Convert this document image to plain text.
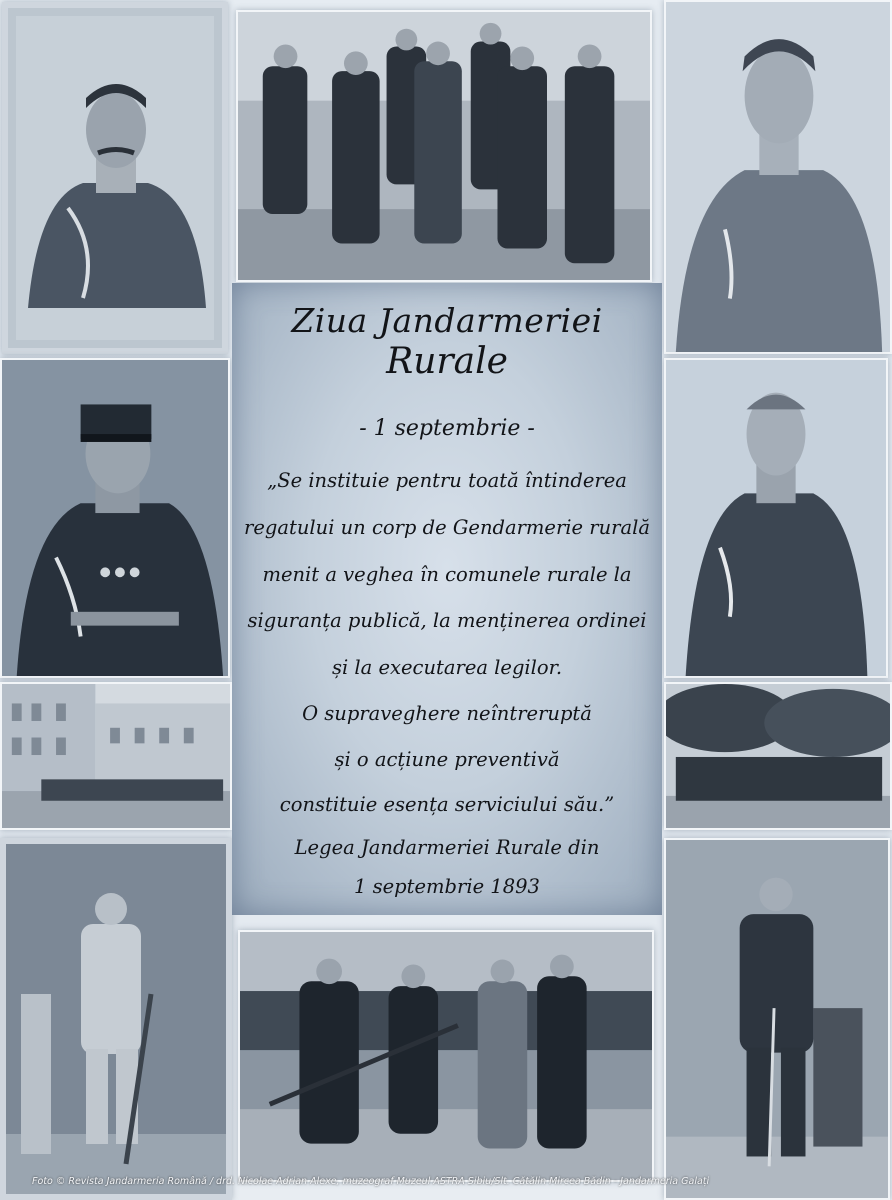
Ziua Jandarmeriei
Rurale
- 1 septembrie -
„Se instituie pentru toată întinderea
regatului un corp de Gendarmerie rurală
menit a veghea în comunele rurale la
siguranța publică, la menținerea ordinei
și la executarea legilor.
O supraveghere neîntreruptă
și o acțiune preventivă
constituie esența serviciului său.”
Legea Jandarmeriei Rurale din
1 septembrie 1893
Foto © Revista Jandarmeria Română / drd. Nicolae Adrian Alexe, muzeograf Muzeul ASTRA Sibiu/Slt. Cătălin Mircea Bădin - Jandarmeria Galați
